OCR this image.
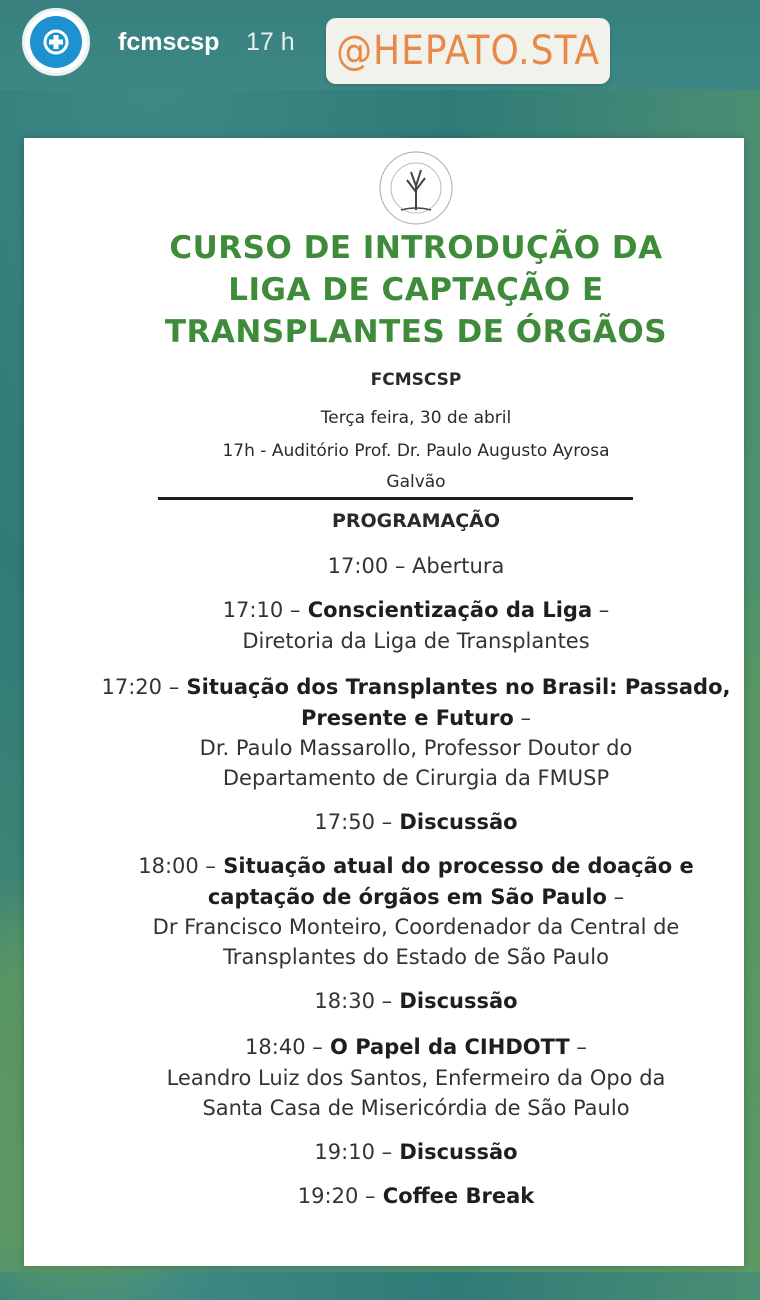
fcmscsp 17 h @HEPATO.STA
CURSO DE INTRODUÇÃO DA
LIGA DE CAPTAÇÃO E
TRANSPLANTES DE ÓRGÃOS
FCMSCSP
Terça feira, 30 de abril
17h - Auditório Prof. Dr. Paulo Augusto Ayrosa
Galvão
PROGRAMAÇÃO
17:00 – Abertura
17:10 – Conscientização da Liga –
Diretoria da Liga de Transplantes
17:20 – Situação dos Transplantes no Brasil: Passado,
Presente e Futuro –
Dr. Paulo Massarollo, Professor Doutor do
Departamento de Cirurgia da FMUSP
17:50 – Discussão
18:00 – Situação atual do processo de doação e
captação de órgãos em São Paulo –
Dr Francisco Monteiro, Coordenador da Central de
Transplantes do Estado de São Paulo
18:30 – Discussão
18:40 – O Papel da CIHDOTT –
Leandro Luiz dos Santos, Enfermeiro da Opo da
Santa Casa de Misericórdia de São Paulo
19:10 – Discussão
19:20 – Coffee Break
